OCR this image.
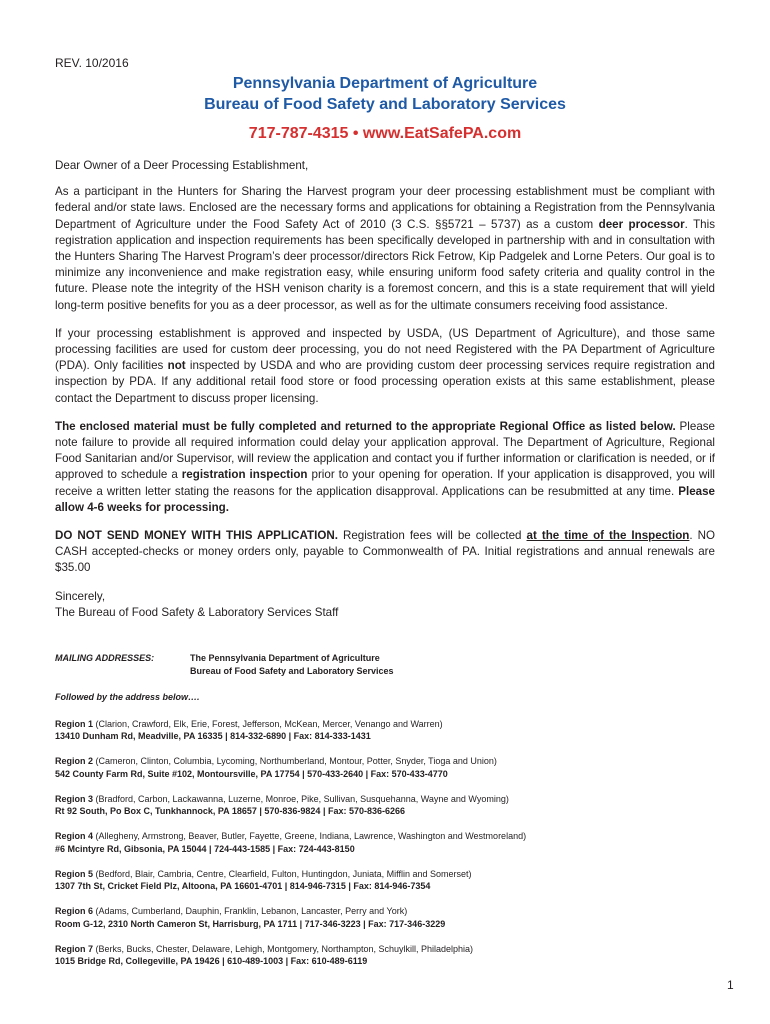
REV. 10/2016
Pennsylvania Department of Agriculture
Bureau of Food Safety and Laboratory Services
717-787-4315 • www.EatSafePA.com

Dear Owner of a Deer Processing Establishment,

As a participant in the Hunters for Sharing the Harvest program your deer processing establishment must be compliant with federal and/or state laws. Enclosed are the necessary forms and applications for obtaining a Registration from the Pennsylvania Department of Agriculture under the Food Safety Act of 2010 (3 C.S. §§5721 – 5737) as a custom deer processor. This registration application and inspection requirements has been specifically developed in partnership with and in consultation with the Hunters Sharing The Harvest Program’s deer processor/directors Rick Fetrow, Kip Padgelek and Lorne Peters. Our goal is to minimize any inconvenience and make registration easy, while ensuring uniform food safety criteria and quality control in the future. Please note the integrity of the HSH venison charity is a foremost concern, and this is a state requirement that will yield long-term positive benefits for you as a deer processor, as well as for the ultimate consumers receiving food assistance.

If your processing establishment is approved and inspected by USDA, (US Department of Agriculture), and those same processing facilities are used for custom deer processing, you do not need Registered with the PA Department of Agriculture (PDA). Only facilities not inspected by USDA and who are providing custom deer processing services require registration and inspection by PDA. If any additional retail food store or food processing operation exists at this same establishment, please contact the Department to discuss proper licensing.

The enclosed material must be fully completed and returned to the appropriate Regional Office as listed below. Please note failure to provide all required information could delay your application approval. The Department of Agriculture, Regional Food Sanitarian and/or Supervisor, will review the application and contact you if further information or clarification is needed, or if approved to schedule a registration inspection prior to your opening for operation. If your application is disapproved, you will receive a written letter stating the reasons for the application disapproval. Applications can be resubmitted at any time. Please allow 4-6 weeks for processing.

DO NOT SEND MONEY WITH THIS APPLICATION. Registration fees will be collected at the time of the Inspection. NO CASH accepted-checks or money orders only, payable to Commonwealth of PA. Initial registrations and annual renewals are $35.00

Sincerely,
The Bureau of Food Safety & Laboratory Services Staff
MAILING ADDRESSES:	The Pennsylvania Department of Agriculture
Bureau of Food Safety and Laboratory Services
Followed by the address below….
Region 1 (Clarion, Crawford, Elk, Erie, Forest, Jefferson, McKean, Mercer, Venango and Warren)
13410 Dunham Rd, Meadville, PA 16335 | 814-332-6890 | Fax: 814-333-1431
Region 2 (Cameron, Clinton, Columbia, Lycoming, Northumberland, Montour, Potter, Snyder, Tioga and Union)
542 County Farm Rd, Suite #102, Montoursville, PA 17754 | 570-433-2640 | Fax: 570-433-4770
Region 3 (Bradford, Carbon, Lackawanna, Luzerne, Monroe, Pike, Sullivan, Susquehanna, Wayne and Wyoming)
Rt 92 South, Po Box C, Tunkhannock, PA 18657 | 570-836-9824 | Fax: 570-836-6266
Region 4 (Allegheny, Armstrong, Beaver, Butler, Fayette, Greene, Indiana, Lawrence, Washington and Westmoreland)
#6 Mcintyre Rd, Gibsonia, PA 15044 | 724-443-1585 | Fax: 724-443-8150
Region 5 (Bedford, Blair, Cambria, Centre, Clearfield, Fulton, Huntingdon, Juniata, Mifflin and Somerset)
1307 7th St, Cricket Field Plz, Altoona, PA 16601-4701 | 814-946-7315 | Fax: 814-946-7354
Region 6 (Adams, Cumberland, Dauphin, Franklin, Lebanon, Lancaster, Perry and York)
Room G-12, 2310 North Cameron St, Harrisburg, PA 1711 | 717-346-3223 | Fax: 717-346-3229
Region 7 (Berks, Bucks, Chester, Delaware, Lehigh, Montgomery, Northampton, Schuylkill, Philadelphia)
1015 Bridge Rd, Collegeville, PA 19426 | 610-489-1003 | Fax: 610-489-6119
1
